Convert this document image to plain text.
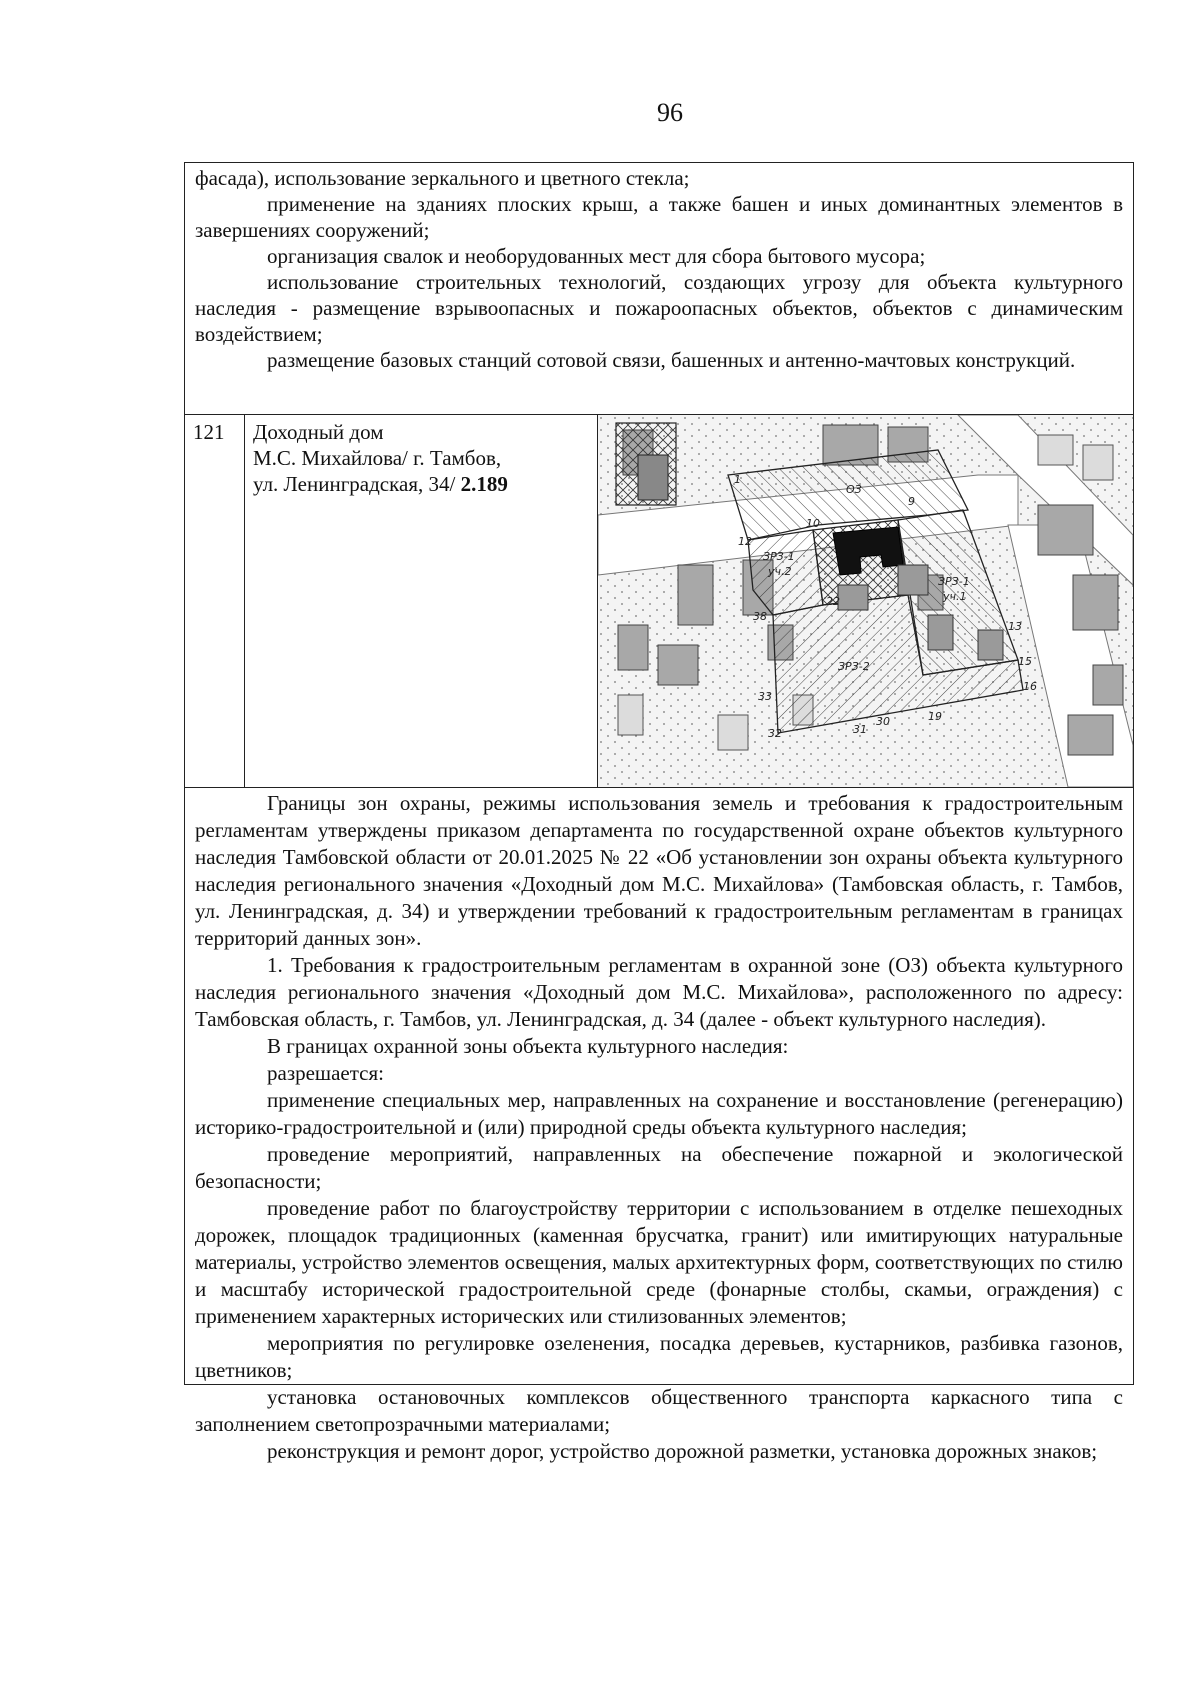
96

фасада), использование зеркального и цветного стекла;

применение на зданиях плоских крыш, а также башен и иных доминантных элементов в завершениях сооружений;

организация свалок и необорудованных мест для сбора бытового мусора;

использование строительных технологий, создающих угрозу для объекта культурного наследия - размещение взрывоопасных и пожароопасных объектов, объектов с динамическим воздействием;

размещение базовых станций сотовой связи, башенных и антенно-мачтовых конструкций.

121	Доходный дом
М.С. Михайлова/ г. Тамбов,
ул. Ленинградская, 34/ 2.189	ОЗ
ЗРЗ-1
уч.2
ЗРЗ-1
уч.1
ЗРЗ-2
1
9
10
12
13
15
16
19
22
30
31
32
33
38

Границы зон охраны, режимы использования земель и требования к градостроительным регламентам утверждены приказом департамента по государственной охране объектов культурного наследия Тамбовской области от 20.01.2025 № 22 «Об установлении зон охраны объекта культурного наследия регионального значения «Доходный дом М.С. Михайлова» (Тамбовская область, г. Тамбов, ул. Ленинградская, д. 34) и утверждении требований к градостроительным регламентам в границах территорий данных зон».

1. Требования к градостроительным регламентам в охранной зоне (ОЗ) объекта культурного наследия регионального значения «Доходный дом М.С. Михайлова», расположенного по адресу: Тамбовская область, г. Тамбов, ул. Ленинградская, д. 34 (далее - объект культурного наследия).

В границах охранной зоны объекта культурного наследия:

разрешается:

применение специальных мер, направленных на сохранение и восстановление (регенерацию) историко-градостроительной и (или) природной среды объекта культурного наследия;

проведение мероприятий, направленных на обеспечение пожарной и экологической безопасности;

проведение работ по благоустройству территории с использованием в отделке пешеходных дорожек, площадок традиционных (каменная брусчатка, гранит) или имитирующих натуральные материалы, устройство элементов освещения, малых архитектурных форм, соответствующих по стилю и масштабу исторической градостроительной среде (фонарные столбы, скамьи, ограждения) с применением характерных исторических или стилизованных элементов;

мероприятия по регулировке озеленения, посадка деревьев, кустарников, разбивка газонов, цветников;

установка остановочных комплексов общественного транспорта каркасного типа с заполнением светопрозрачными материалами;

реконструкция и ремонт дорог, устройство дорожной разметки, установка дорожных знаков;
